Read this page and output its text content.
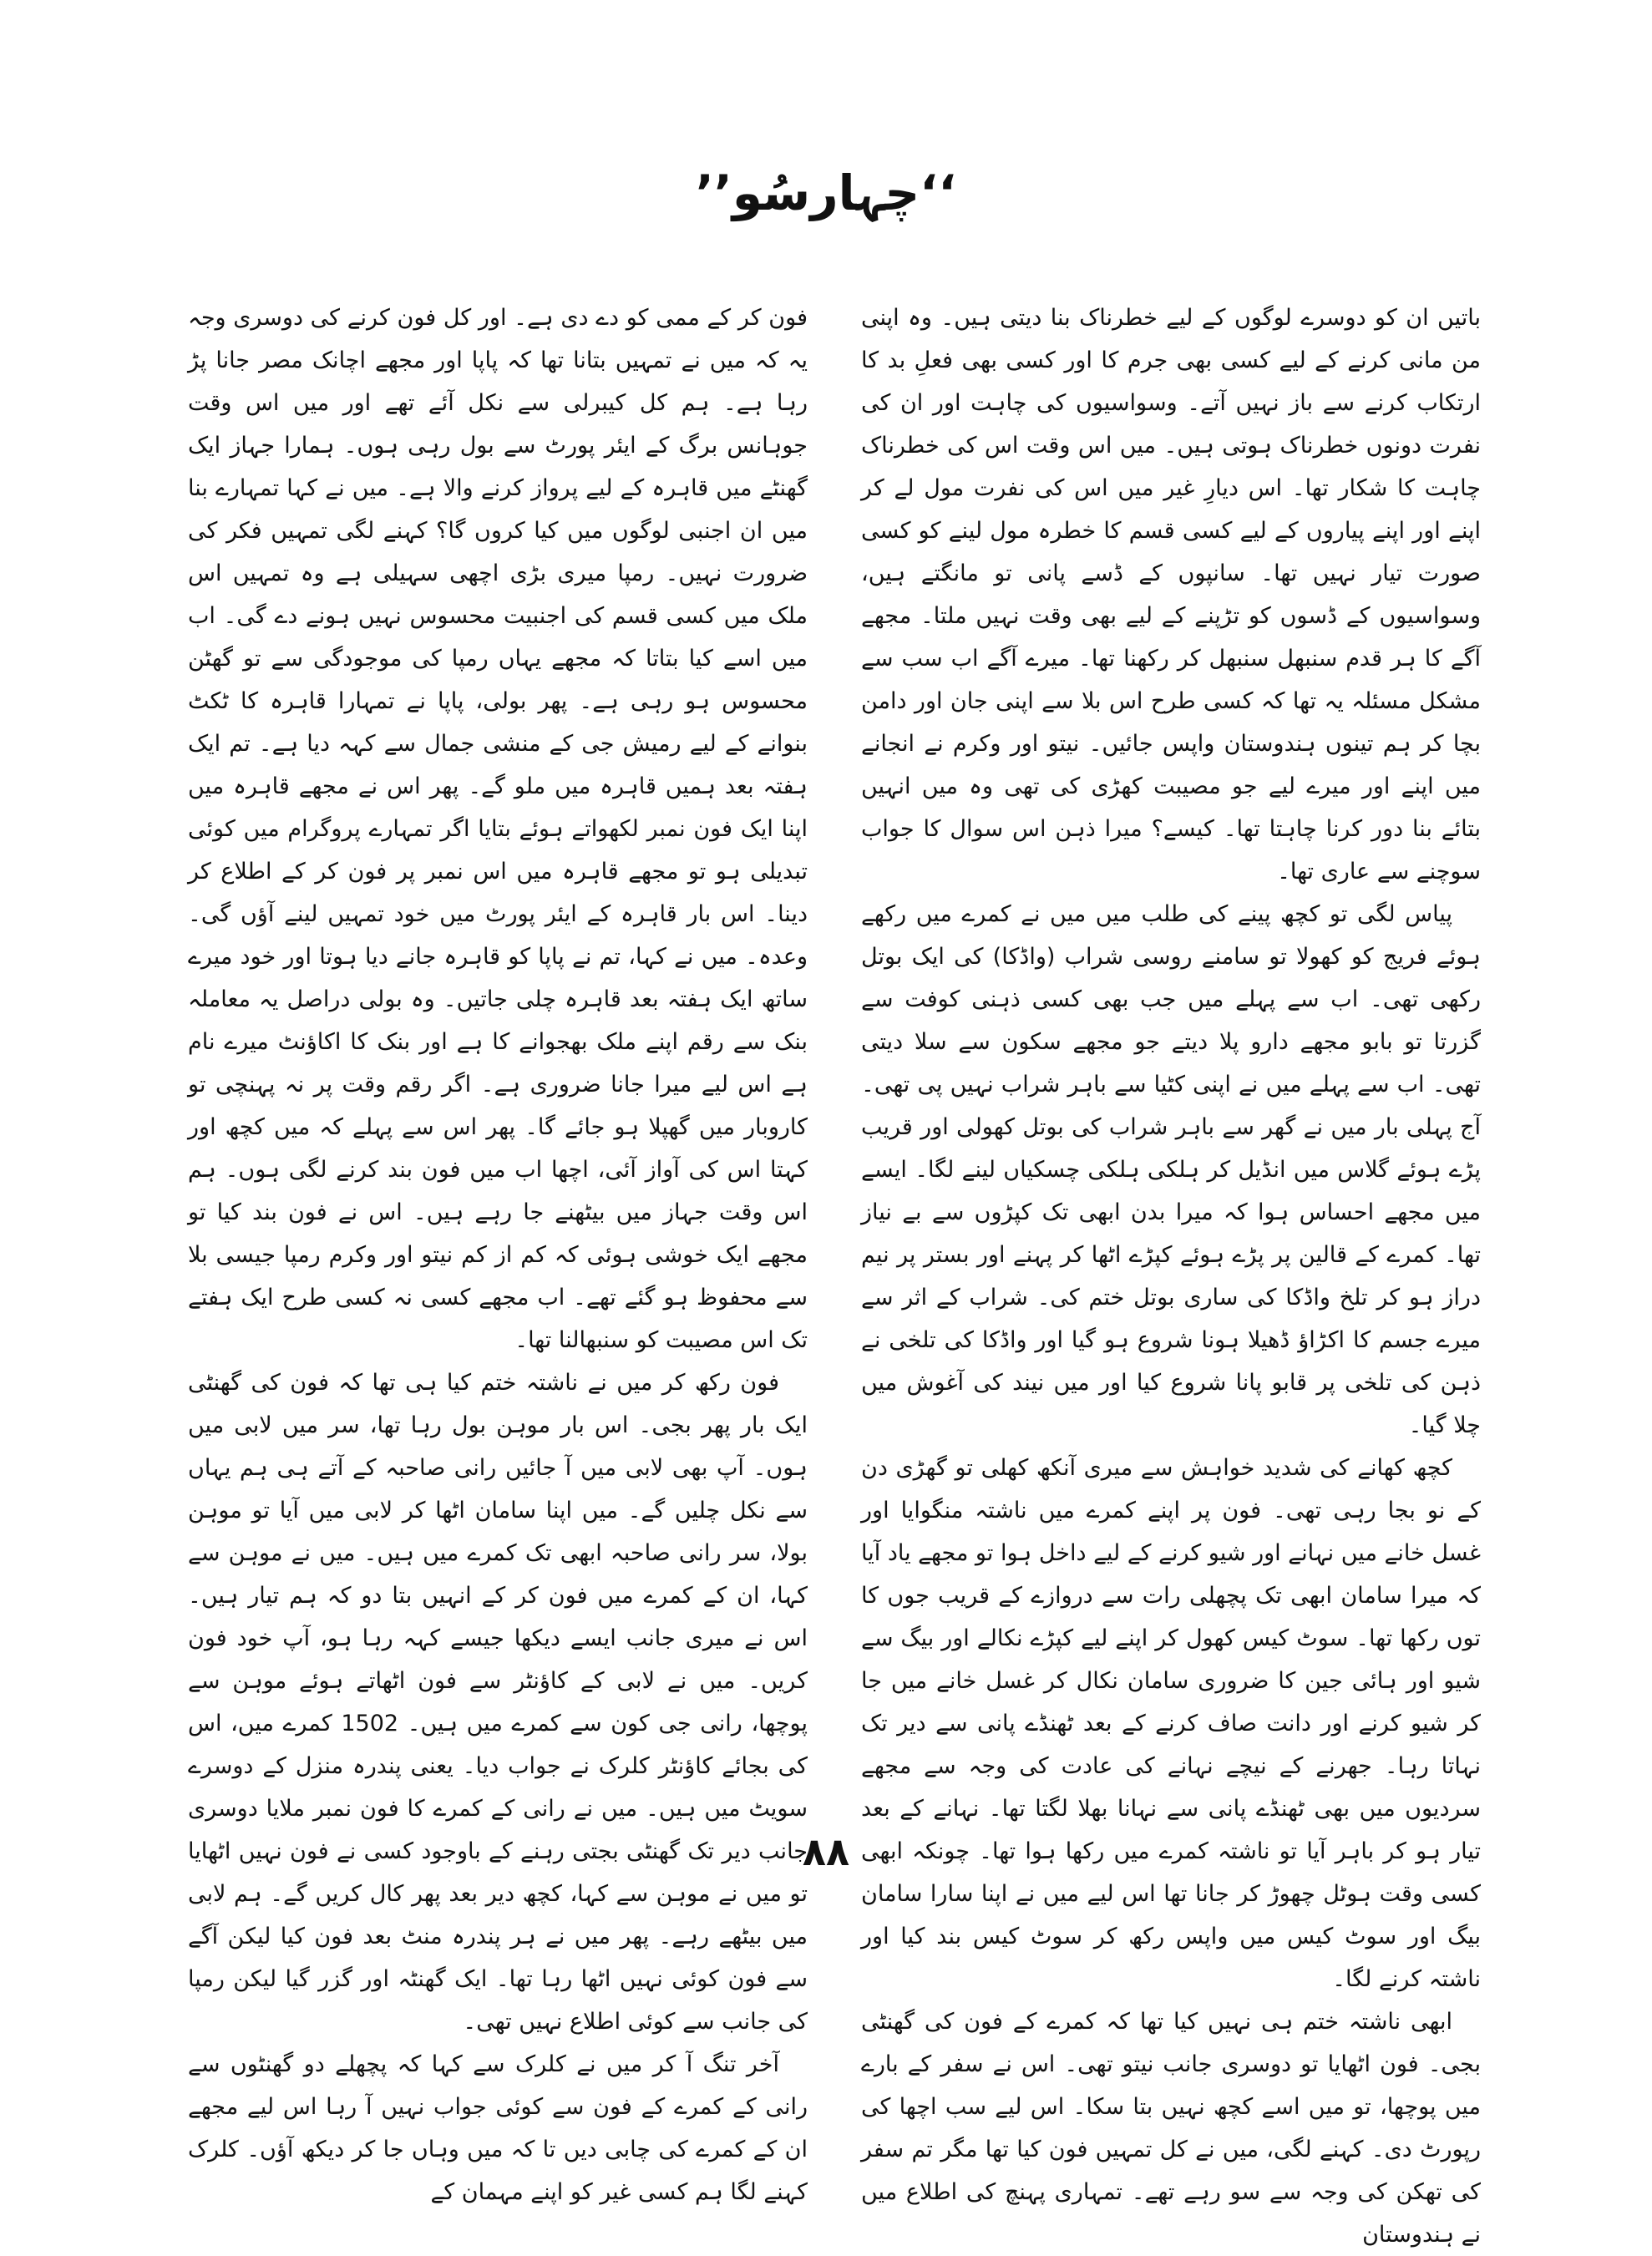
’’چہارسُو‘‘

باتیں ان کو دوسرے لوگوں کے لیے خطرناک بنا دیتی ہیں۔ وہ اپنی من مانی کرنے کے لیے کسی بھی جرم کا اور کسی بھی فعلِ بد کا ارتکاب کرنے سے باز نہیں آتے۔ وسواسیوں کی چاہت اور ان کی نفرت دونوں خطرناک ہوتی ہیں۔ میں اس وقت اس کی خطرناک چاہت کا شکار تھا۔ اس دیارِ غیر میں اس کی نفرت مول لے کر اپنے اور اپنے پیاروں کے لیے کسی قسم کا خطرہ مول لینے کو کسی صورت تیار نہیں تھا۔ سانپوں کے ڈسے پانی تو مانگتے ہیں، وسواسیوں کے ڈسوں کو تڑپنے کے لیے بھی وقت نہیں ملتا۔ مجھے آگے کا ہر قدم سنبھل سنبھل کر رکھنا تھا۔ میرے آگے اب سب سے مشکل مسئلہ یہ تھا کہ کسی طرح اس بلا سے اپنی جان اور دامن بچا کر ہم تینوں ہندوستان واپس جائیں۔ نیتو اور وکرم نے انجانے میں اپنے اور میرے لیے جو مصیبت کھڑی کی تھی وہ میں انہیں بتائے بنا دور کرنا چاہتا تھا۔ کیسے؟ میرا ذہن اس سوال کا جواب سوچنے سے عاری تھا۔

پیاس لگی تو کچھ پینے کی طلب میں میں نے کمرے میں رکھے ہوئے فریج کو کھولا تو سامنے روسی شراب (واڈکا) کی ایک بوتل رکھی تھی۔ اب سے پہلے میں جب بھی کسی ذہنی کوفت سے گزرتا تو بابو مجھے دارو پلا دیتے جو مجھے سکون سے سلا دیتی تھی۔ اب سے پہلے میں نے اپنی کٹیا سے باہر شراب نہیں پی تھی۔ آج پہلی بار میں نے گھر سے باہر شراب کی بوتل کھولی اور قریب پڑے ہوئے گلاس میں انڈیل کر ہلکی ہلکی چسکیاں لینے لگا۔ ایسے میں مجھے احساس ہوا کہ میرا بدن ابھی تک کپڑوں سے بے نیاز تھا۔ کمرے کے قالین پر پڑے ہوئے کپڑے اٹھا کر پہنے اور بستر پر نیم دراز ہو کر تلخ واڈکا کی ساری بوتل ختم کی۔ شراب کے اثر سے میرے جسم کا اکڑاؤ ڈھیلا ہونا شروع ہو گیا اور واڈکا کی تلخی نے ذہن کی تلخی پر قابو پانا شروع کیا اور میں نیند کی آغوش میں چلا گیا۔

کچھ کھانے کی شدید خواہش سے میری آنکھ کھلی تو گھڑی دن کے نو بجا رہی تھی۔ فون پر اپنے کمرے میں ناشتہ منگوایا اور غسل خانے میں نہانے اور شیو کرنے کے لیے داخل ہوا تو مجھے یاد آیا کہ میرا سامان ابھی تک پچھلی رات سے دروازے کے قریب جوں کا توں رکھا تھا۔ سوٹ کیس کھول کر اپنے لیے کپڑے نکالے اور بیگ سے شیو اور ہائی جین کا ضروری سامان نکال کر غسل خانے میں جا کر شیو کرنے اور دانت صاف کرنے کے بعد ٹھنڈے پانی سے دیر تک نہاتا رہا۔ جھرنے کے نیچے نہانے کی عادت کی وجہ سے مجھے سردیوں میں بھی ٹھنڈے پانی سے نہانا بھلا لگتا تھا۔ نہانے کے بعد تیار ہو کر باہر آیا تو ناشتہ کمرے میں رکھا ہوا تھا۔ چونکہ ابھی کسی وقت ہوٹل چھوڑ کر جانا تھا اس لیے میں نے اپنا سارا سامان بیگ اور سوٹ کیس میں واپس رکھ کر سوٹ کیس بند کیا اور ناشتہ کرنے لگا۔

ابھی ناشتہ ختم ہی نہیں کیا تھا کہ کمرے کے فون کی گھنٹی بجی۔ فون اٹھایا تو دوسری جانب نیتو تھی۔ اس نے سفر کے بارے میں پوچھا، تو میں اسے کچھ نہیں بتا سکا۔ اس لیے سب اچھا کی رپورٹ دی۔ کہنے لگی، میں نے کل تمہیں فون کیا تھا مگر تم سفر کی تھکن کی وجہ سے سو رہے تھے۔ تمہاری پہنچ کی اطلاع میں نے ہندوستان

فون کر کے ممی کو دے دی ہے۔ اور کل فون کرنے کی دوسری وجہ یہ کہ میں نے تمہیں بتانا تھا کہ پاپا اور مجھے اچانک مصر جانا پڑ رہا ہے۔ ہم کل کیبرلی سے نکل آئے تھے اور میں اس وقت جوہانس برگ کے ایئر پورٹ سے بول رہی ہوں۔ ہمارا جہاز ایک گھنٹے میں قاہرہ کے لیے پرواز کرنے والا ہے۔ میں نے کہا تمہارے بنا میں ان اجنبی لوگوں میں کیا کروں گا؟ کہنے لگی تمہیں فکر کی ضرورت نہیں۔ رمپا میری بڑی اچھی سہیلی ہے وہ تمہیں اس ملک میں کسی قسم کی اجنبیت محسوس نہیں ہونے دے گی۔ اب میں اسے کیا بتاتا کہ مجھے یہاں رمپا کی موجودگی سے تو گھٹن محسوس ہو رہی ہے۔ پھر بولی، پاپا نے تمہارا قاہرہ کا ٹکٹ بنوانے کے لیے رمیش جی کے منشی جمال سے کہہ دیا ہے۔ تم ایک ہفتہ بعد ہمیں قاہرہ میں ملو گے۔ پھر اس نے مجھے قاہرہ میں اپنا ایک فون نمبر لکھواتے ہوئے بتایا اگر تمہارے پروگرام میں کوئی تبدیلی ہو تو مجھے قاہرہ میں اس نمبر پر فون کر کے اطلاع کر دینا۔ اس بار قاہرہ کے ایئر پورٹ میں خود تمہیں لینے آؤں گی۔ وعدہ۔ میں نے کہا، تم نے پاپا کو قاہرہ جانے دیا ہوتا اور خود میرے ساتھ ایک ہفتہ بعد قاہرہ چلی جاتیں۔ وہ بولی دراصل یہ معاملہ بنک سے رقم اپنے ملک بھجوانے کا ہے اور بنک کا اکاؤنٹ میرے نام ہے اس لیے میرا جانا ضروری ہے۔ اگر رقم وقت پر نہ پہنچی تو کاروبار میں گھپلا ہو جائے گا۔ پھر اس سے پہلے کہ میں کچھ اور کہتا اس کی آواز آئی، اچھا اب میں فون بند کرنے لگی ہوں۔ ہم اس وقت جہاز میں بیٹھنے جا رہے ہیں۔ اس نے فون بند کیا تو مجھے ایک خوشی ہوئی کہ کم از کم نیتو اور وکرم رمپا جیسی بلا سے محفوظ ہو گئے تھے۔ اب مجھے کسی نہ کسی طرح ایک ہفتے تک اس مصیبت کو سنبھالنا تھا۔

فون رکھ کر میں نے ناشتہ ختم کیا ہی تھا کہ فون کی گھنٹی ایک بار پھر بجی۔ اس بار موہن بول رہا تھا، سر میں لابی میں ہوں۔ آپ بھی لابی میں آ جائیں رانی صاحبہ کے آتے ہی ہم یہاں سے نکل چلیں گے۔ میں اپنا سامان اٹھا کر لابی میں آیا تو موہن بولا، سر رانی صاحبہ ابھی تک کمرے میں ہیں۔ میں نے موہن سے کہا، ان کے کمرے میں فون کر کے انہیں بتا دو کہ ہم تیار ہیں۔ اس نے میری جانب ایسے دیکھا جیسے کہہ رہا ہو، آپ خود فون کریں۔ میں نے لابی کے کاؤنٹر سے فون اٹھاتے ہوئے موہن سے پوچھا، رانی جی کون سے کمرے میں ہیں۔ 1502 کمرے میں، اس کی بجائے کاؤنٹر کلرک نے جواب دیا۔ یعنی پندرہ منزل کے دوسرے سویٹ میں ہیں۔ میں نے رانی کے کمرے کا فون نمبر ملایا دوسری جانب دیر تک گھنٹی بجتی رہنے کے باوجود کسی نے فون نہیں اٹھایا تو میں نے موہن سے کہا، کچھ دیر بعد پھر کال کریں گے۔ ہم لابی میں بیٹھے رہے۔ پھر میں نے ہر پندرہ منٹ بعد فون کیا لیکن آگے سے فون کوئی نہیں اٹھا رہا تھا۔ ایک گھنٹہ اور گزر گیا لیکن رمپا کی جانب سے کوئی اطلاع نہیں تھی۔

آخر تنگ آ کر میں نے کلرک سے کہا کہ پچھلے دو گھنٹوں سے رانی کے کمرے کے فون سے کوئی جواب نہیں آ رہا اس لیے مجھے ان کے کمرے کی چابی دیں تا کہ میں وہاں جا کر دیکھ آؤں۔ کلرک کہنے لگا ہم کسی غیر کو اپنے مہمان کے

۸۸
